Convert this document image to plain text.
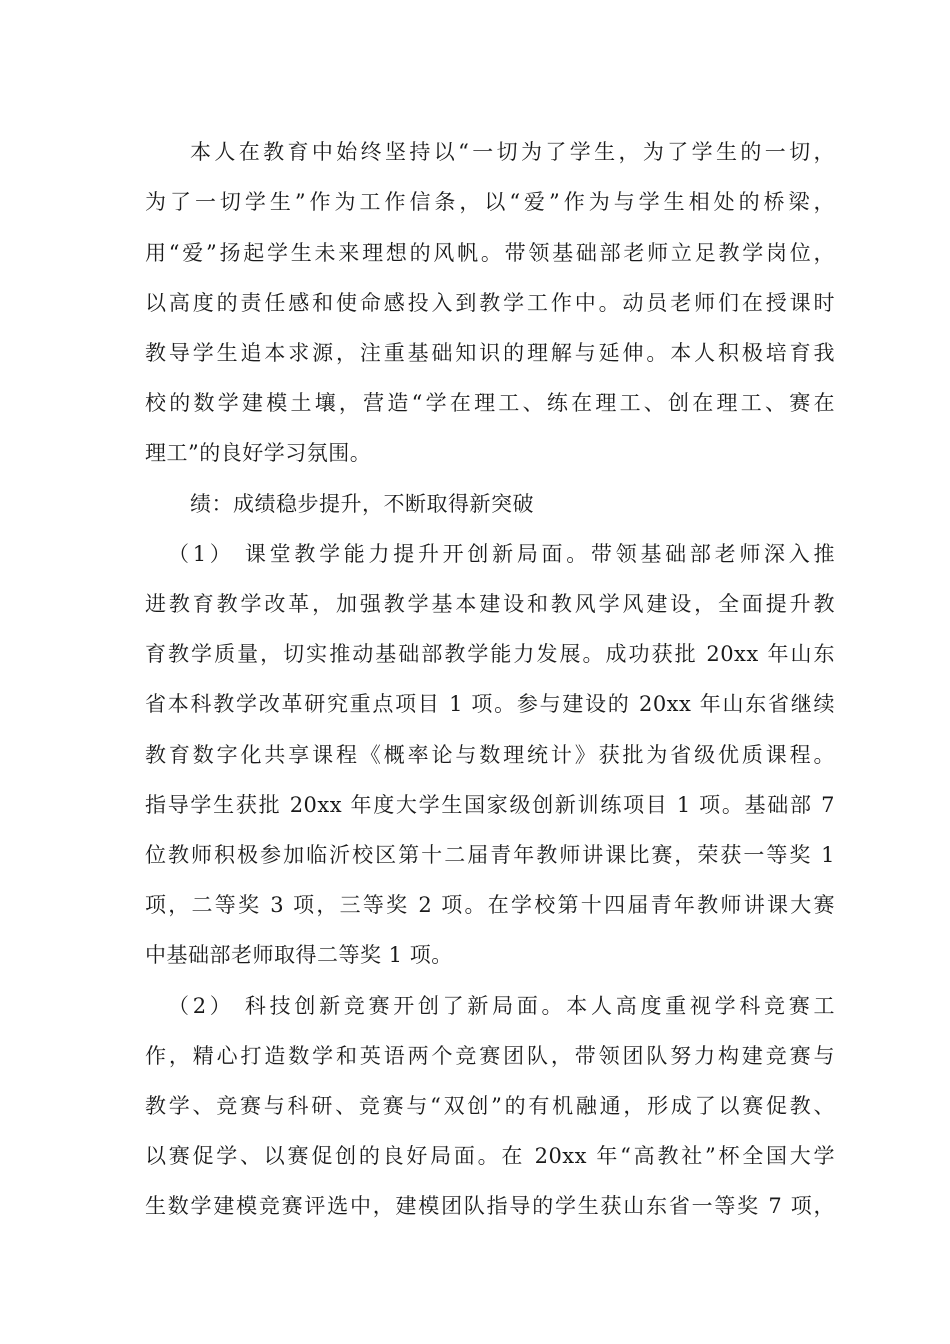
本人在教育中始终坚持以“一切为了学生，为了学生的一切，
为了一切学生”作为工作信条，以“爱”作为与学生相处的桥梁，
用“爱”扬起学生未来理想的风帆。带领基础部老师立足教学岗位，
以高度的责任感和使命感投入到教学工作中。动员老师们在授课时
教导学生追本求源，注重基础知识的理解与延伸。本人积极培育我
校的数学建模土壤，营造“学在理工、练在理工、创在理工、赛在
理工”的良好学习氛围。
绩：成绩稳步提升，不断取得新突破
（1） 课堂教学能力提升开创新局面。带领基础部老师深入推
进教育教学改革，加强教学基本建设和教风学风建设，全面提升教
育教学质量，切实推动基础部教学能力发展。成功获批 20xx 年山东
省本科教学改革研究重点项目 1 项。参与建设的 20xx 年山东省继续
教育数字化共享课程《概率论与数理统计》获批为省级优质课程。
指导学生获批 20xx 年度大学生国家级创新训练项目 1 项。基础部 7
位教师积极参加临沂校区第十二届青年教师讲课比赛，荣获一等奖 1
项，二等奖 3 项，三等奖 2 项。在学校第十四届青年教师讲课大赛
中基础部老师取得二等奖 1 项。
（2） 科技创新竞赛开创了新局面。本人高度重视学科竞赛工
作，精心打造数学和英语两个竞赛团队，带领团队努力构建竞赛与
教学、竞赛与科研、竞赛与“双创”的有机融通，形成了以赛促教、
以赛促学、以赛促创的良好局面。在 20xx 年“高教社”杯全国大学
生数学建模竞赛评选中，建模团队指导的学生获山东省一等奖 7 项，
